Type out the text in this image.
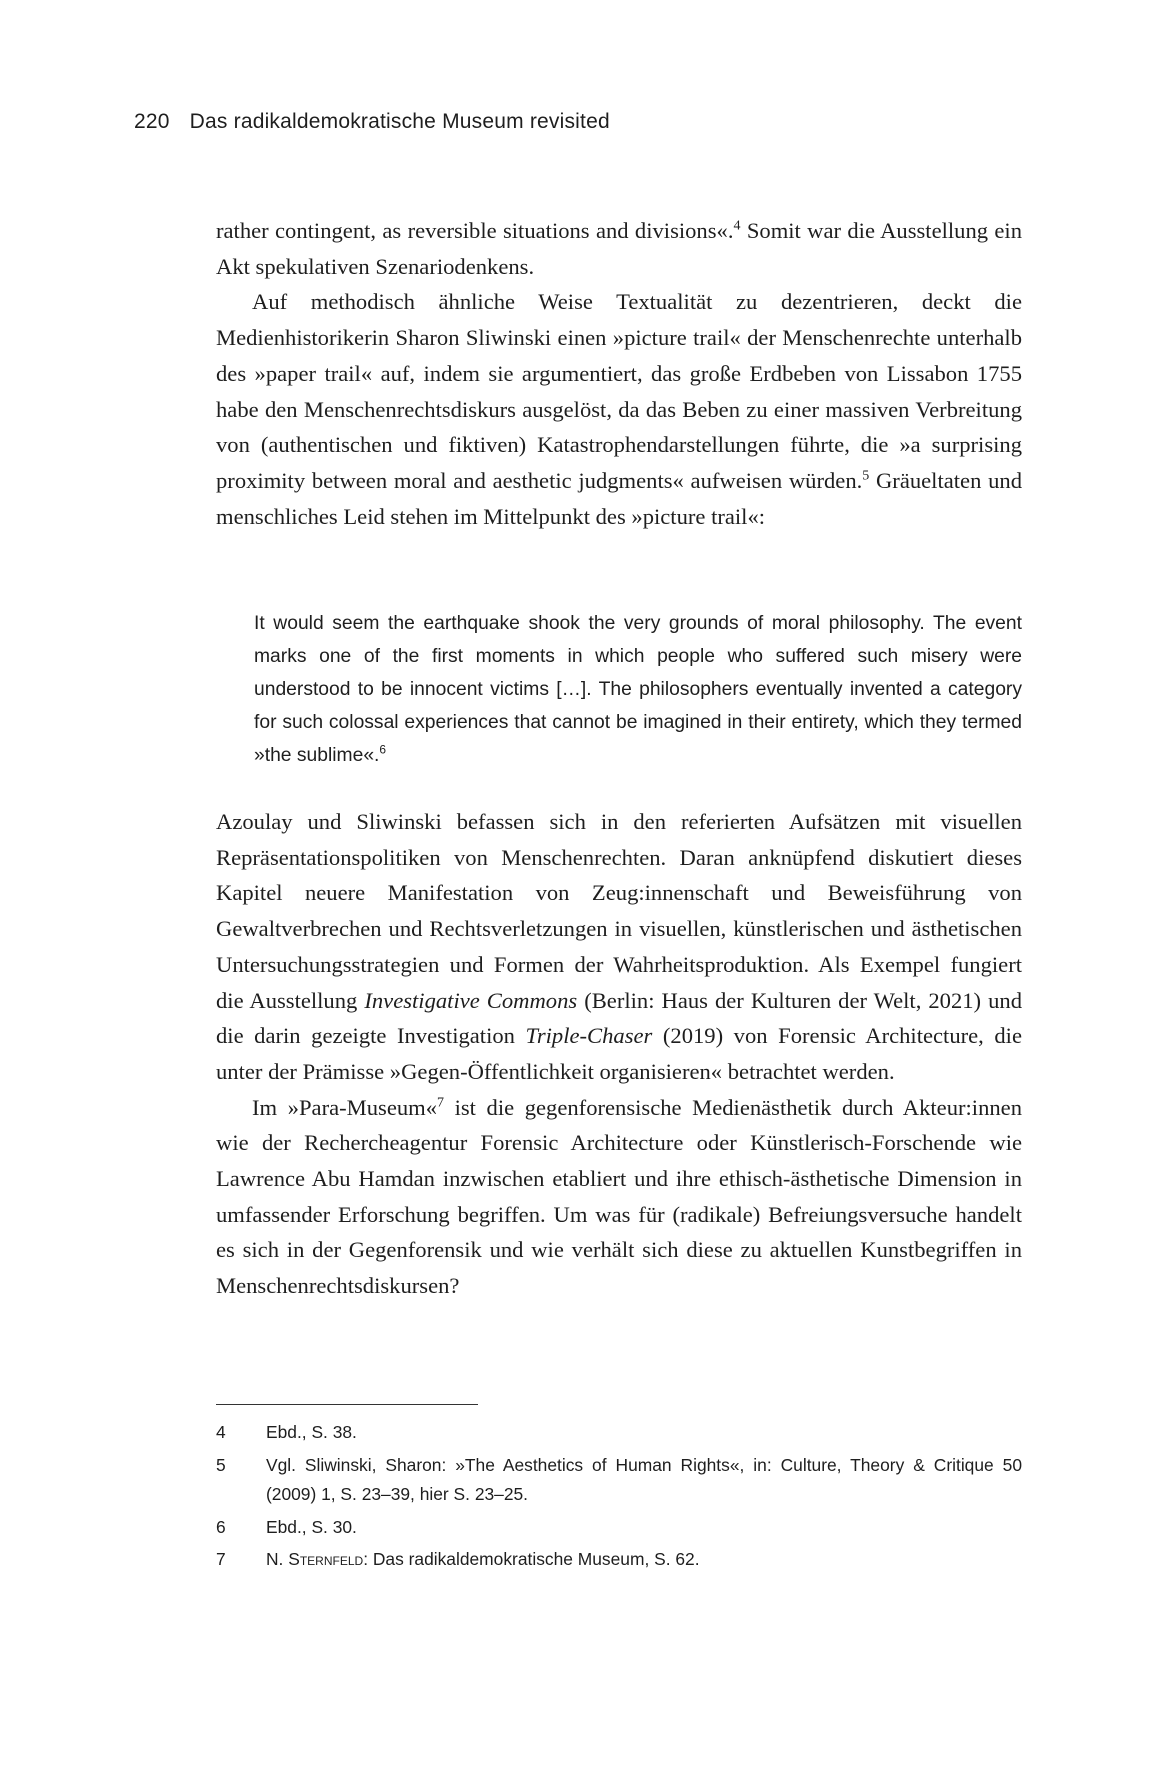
220 Das radikaldemokratische Museum revisited

rather contingent, as reversible situations and divisions«.$^4$ Somit war die Ausstellung ein Akt spekulativen Szenariodenkens.

Auf methodisch ähnliche Weise Textualität zu dezentrieren, deckt die Medienhistorikerin Sharon Sliwinski einen »picture trail« der Menschenrechte unterhalb des »paper trail« auf, indem sie argumentiert, das große Erdbeben von Lissabon 1755 habe den Menschenrechtsdiskurs ausgelöst, da das Beben zu einer massiven Verbreitung von (authentischen und fiktiven) Katastrophendarstellungen führte, die »a surprising proximity between moral and aesthetic judgments« aufweisen würden.$^5$ Gräueltaten und menschliches Leid stehen im Mittelpunkt des »picture trail«:

It would seem the earthquake shook the very grounds of moral philosophy. The event marks one of the first moments in which people who suffered such misery were understood to be innocent victims […]. The philosophers eventually invented a category for such colossal experiences that cannot be imagined in their entirety, which they termed »the sublime«.$^6$

Azoulay und Sliwinski befassen sich in den referierten Aufsätzen mit visuellen Repräsentationspolitiken von Menschenrechten. Daran anknüpfend diskutiert dieses Kapitel neuere Manifestation von Zeug:innenschaft und Beweisführung von Gewaltverbrechen und Rechtsverletzungen in visuellen, künstlerischen und ästhetischen Untersuchungsstrategien und Formen der Wahrheitsproduktion. Als Exempel fungiert die Ausstellung Investigative Commons (Berlin: Haus der Kulturen der Welt, 2021) und die darin gezeigte Investigation Triple-Chaser (2019) von Forensic Architecture, die unter der Prämisse »Gegen-Öffentlichkeit organisieren« betrachtet werden.

Im »Para-Museum«$^7$ ist die gegenforensische Medienästhetik durch Akteur:innen wie der Rechercheagentur Forensic Architecture oder Künstlerisch-Forschende wie Lawrence Abu Hamdan inzwischen etabliert und ihre ethisch-ästhetische Dimension in umfassender Erforschung begriffen. Um was für (radikale) Befreiungsversuche handelt es sich in der Gegenforensik und wie verhält sich diese zu aktuellen Kunstbegriffen in Menschenrechtsdiskursen?

4	Ebd., S. 38.
5	Vgl. Sliwinski, Sharon: »The Aesthetics of Human Rights«, in: Culture, Theory & Critique 50 (2009) 1, S. 23–39, hier S. 23–25.
6	Ebd., S. 30.
7	N. Sternfeld: Das radikaldemokratische Museum, S. 62.
